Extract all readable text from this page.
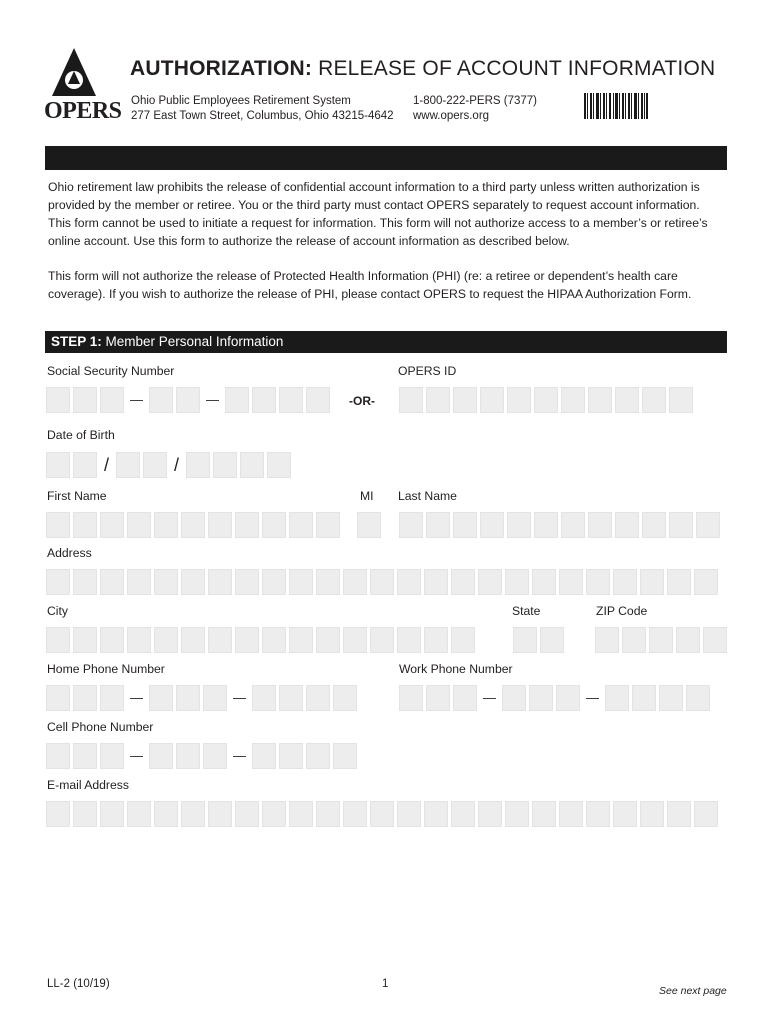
OPERS
AUTHORIZATION: RELEASE OF ACCOUNT INFORMATION
Ohio Public Employees Retirement System
277 East Town Street, Columbus, Ohio 43215-4642
1-800-222-PERS (7377)
www.opers.org
Ohio retirement law prohibits the release of confidential account information to a third party unless written authorization is provided by the member or retiree. You or the third party must contact OPERS separately to request account information. This form cannot be used to initiate a request for information. This form will not authorize access to a member’s or retiree’s online account. Use this form to authorize the release of account information as described below.
This form will not authorize the release of Protected Health Information (PHI) (re: a retiree or dependent’s health care coverage). If you wish to authorize the release of PHI, please contact OPERS to request the HIPAA Authorization Form.
STEP 1: Member Personal Information
Social Security Number	OPERS ID
—	—	-OR-
Date of Birth
/	/
First Name	MI Last Name
Address
City	State	ZIP Code
Home Phone Number	Work Phone Number
—	—	—	—
Cell Phone Number
—	—
E-mail Address
LL-2 (10/19)	1
See next page
